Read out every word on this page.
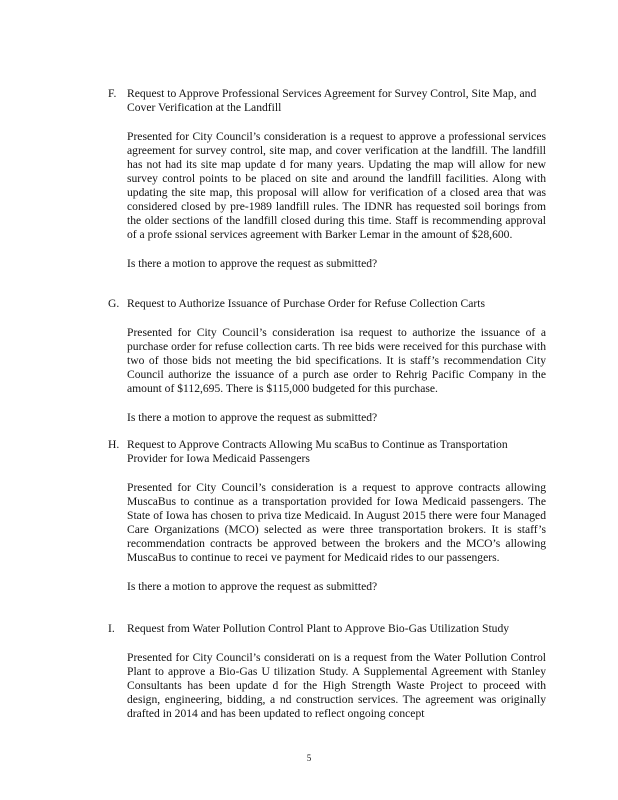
F. Request to Approve Professional Services Agreement for Survey Control, Site Map, and Cover Verification at the Landfill
Presented for City Council’s consideration is a request to approve a professional services agreement for survey control, site map, and cover verification at the landfill. The landfill has not had its site map update d for many years. Updating the map will allow for new survey control points to be placed on site and around the landfill facilities. Along with updating the site map, this proposal will allow for verification of a closed area that was considered closed by pre-1989 landfill rules. The IDNR has requested soil borings from the older sections of the landfill closed during this time. Staff is recommending approval of a profe ssional services agreement with Barker Lemar in the amount of $28,600.
Is there a motion to approve the request as submitted?
G. Request to Authorize Issuance of Purchase Order for Refuse Collection Carts
Presented for City Council’s consideration isa request to authorize the issuance of a purchase order for refuse collection carts. Th ree bids were received for this purchase with two of those bids not meeting the bid specifications. It is staff’s recommendation City Council authorize the issuance of a purch ase order to Rehrig Pacific Company in the amount of $112,695. There is $115,000 budgeted for this purchase.
Is there a motion to approve the request as submitted?
H. Request to Approve Contracts Allowing Mu scaBus to Continue as Transportation Provider for Iowa Medicaid Passengers
Presented for City Council’s consideration is a request to approve contracts allowing MuscaBus to continue as a transportation provided for Iowa Medicaid passengers. The State of Iowa has chosen to priva tize Medicaid. In August 2015 there were four Managed Care Organizations (MCO) selected as were three transportation brokers. It is staff’s recommendation contracts be approved between the brokers and the MCO’s allowing MuscaBus to continue to recei ve payment for Medicaid rides to our passengers.
Is there a motion to approve the request as submitted?
I.	Request from Water Pollution Control Plant to Approve Bio-Gas Utilization Study
Presented for City Council’s considerati on is a request from the Water Pollution Control Plant to approve a Bio-Gas U tilization Study. A Supplemental Agreement with Stanley Consultants has been update d for the High Strength Waste Project to proceed with design, engineering, bidding, a nd construction services. The agreement was originally drafted in 2014 and has been updated to reflect ongoing concept
5
